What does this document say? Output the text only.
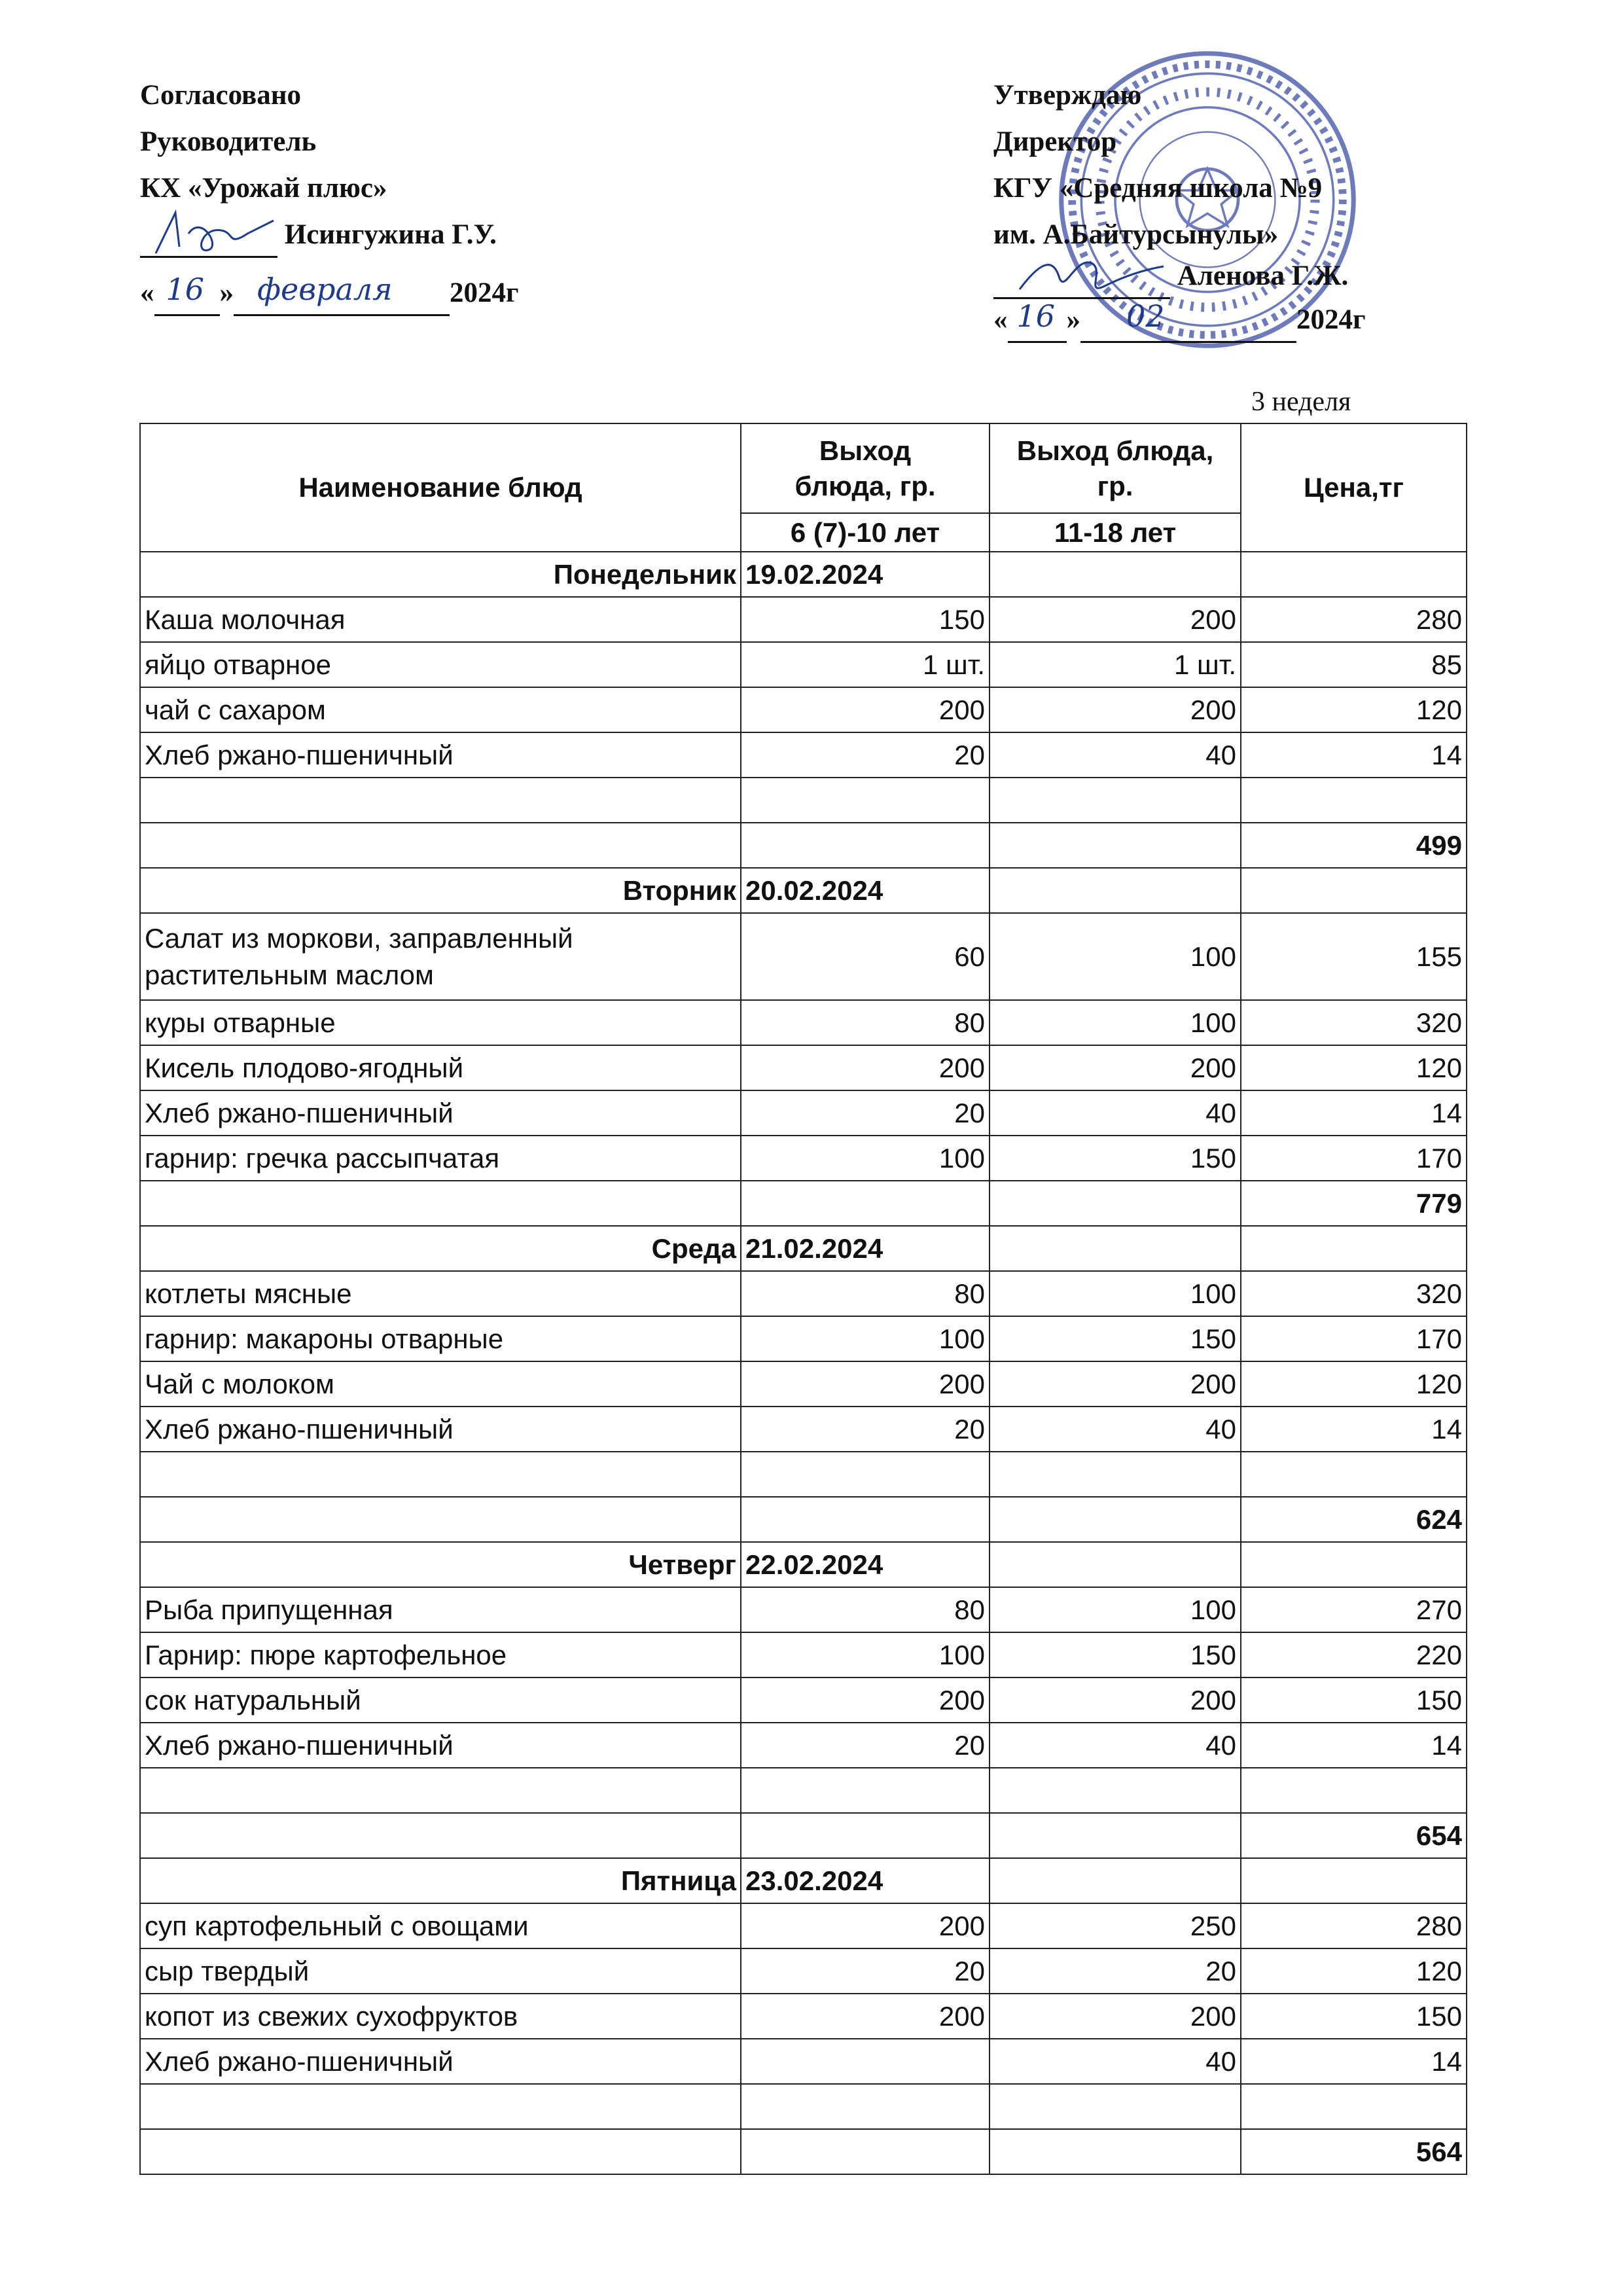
Согласовано
Руководитель
КХ «Урожай плюс»
Исингужина Г.У.
« 16 » февраля 2024г
Утверждаю
Директор
КГУ «Средняя школа №9
им. А.Байтурсынулы»
Аленова Г.Ж.
« 16 » 02	2024г
3 неделя
Наименование блюд	Выход блюда, гр.	Выход блюда, гр.	Цена,тг
	6 (7)-10 лет	11-18 лет	
Понедельник	19.02.2024		
Каша молочная	150	200	280
яйцо отварное	1 шт.	1 шт.	85
чай с сахаром	200	200	120
Хлеб ржано-пшеничный	20	40	14

			499
Вторник	20.02.2024		
Салат из моркови, заправленный растительным маслом	60	100	155
куры отварные	80	100	320
Кисель плодово-ягодный	200	200	120
Хлеб ржано-пшеничный	20	40	14
гарнир: гречка рассыпчатая	100	150	170
			779
Среда	21.02.2024		
котлеты мясные	80	100	320
гарнир: макароны отварные	100	150	170
Чай с молоком	200	200	120
Хлеб ржано-пшеничный	20	40	14

			624
Четверг	22.02.2024		
Рыба припущенная	80	100	270
Гарнир: пюре картофельное	100	150	220
сок натуральный	200	200	150
Хлеб ржано-пшеничный	20	40	14

			654
Пятница	23.02.2024		
суп картофельный с овощами	200	250	280
сыр твердый	20	20	120
копот из свежих сухофруктов	200	200	150
Хлеб ржано-пшеничный		40	14

			564
